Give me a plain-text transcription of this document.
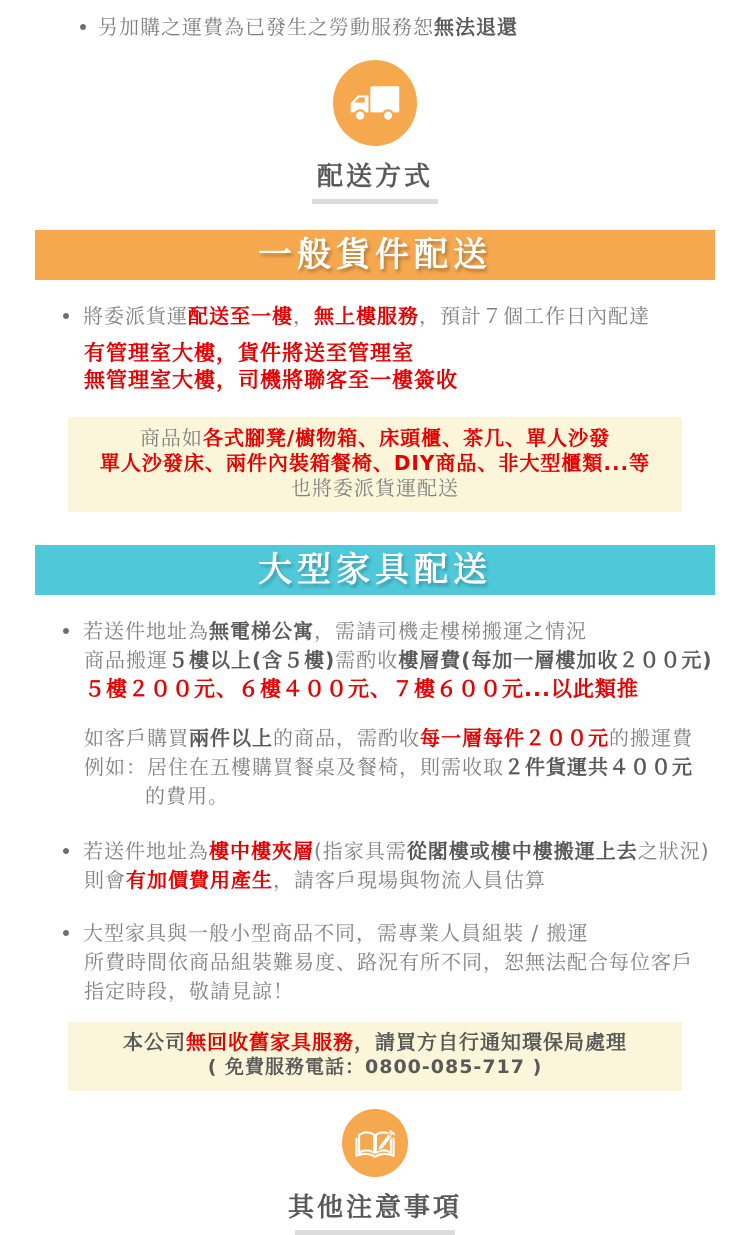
另加購之運費為已發生之勞動服務恕無法退還
配送方式
一般貨件配送
將委派貨運配送至一樓，無上樓服務，預計７個工作日內配達
有管理室大樓，貨件將送至管理室
無管理室大樓，司機將聯客至一樓簽收
商品如各式腳凳/櫥物箱、床頭櫃、茶几、單人沙發
單人沙發床、兩件內裝箱餐椅、DIY商品、非大型櫃類...等
也將委派貨運配送
大型家具配送
若送件地址為無電梯公寓，需請司機走樓梯搬運之情況
商品搬運５樓以上(含５樓)需酌收樓層費(每加一層樓加收２００元)
５樓２００元、６樓４００元、７樓６００元...以此類推
如客戶購買兩件以上的商品，需酌收每一層每件２００元的搬運費
例如：居住在五樓購買餐桌及餐椅，則需收取２件貨運共４００元
的費用。
若送件地址為樓中樓夾層(指家具需從閣樓或樓中樓搬運上去之狀況)
則會有加價費用產生，請客戶現場與物流人員估算
大型家具與一般小型商品不同，需專業人員組裝 / 搬運
所費時間依商品組裝難易度、路況有所不同，恕無法配合每位客戶
指定時段，敬請見諒！
本公司無回收舊家具服務，請買方自行通知環保局處理
( 免費服務電話：0800-085-717 )
其他注意事項
